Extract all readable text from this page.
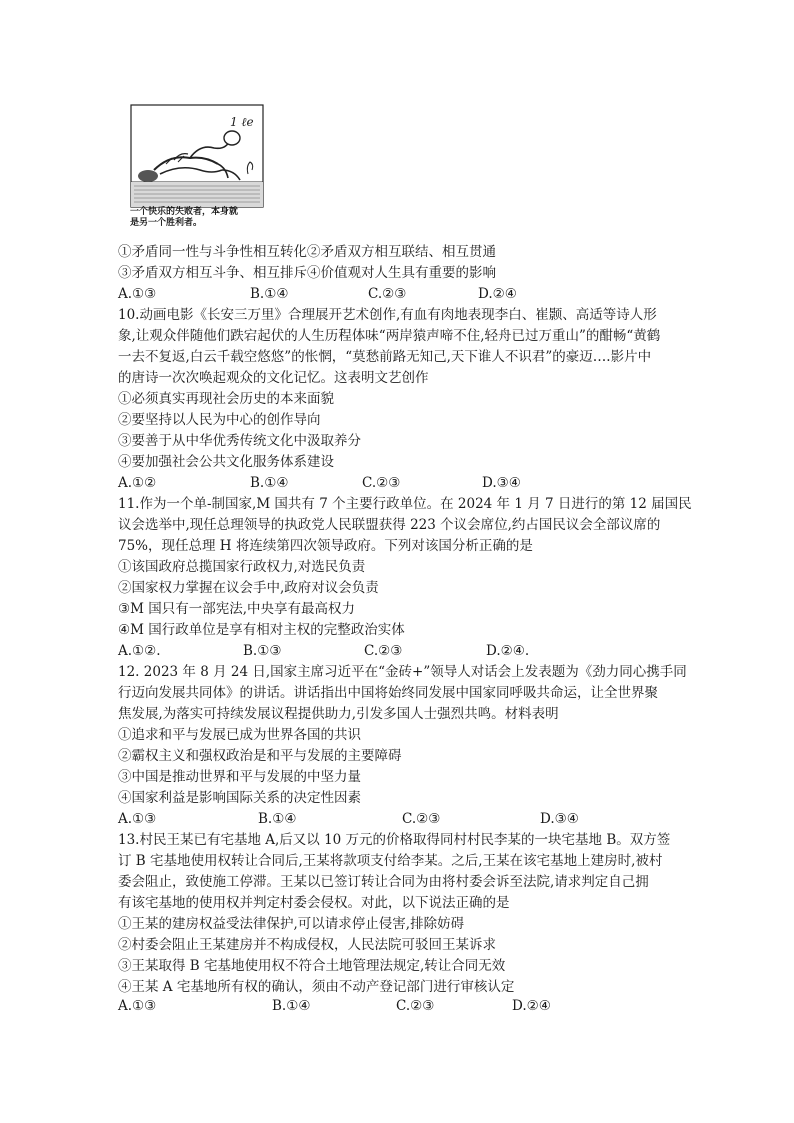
1 ℓe
一个快乐的失败者，本身就
是另一个胜利者。
①矛盾同一性与斗争性相互转化②矛盾双方相互联结、相互贯通
③矛盾双方相互斗争、相互排斥④价值观对人生具有重要的影响
A.①③	B.①④	C.②③	D.②④
10.动画电影《长安三万里》合理展开艺术创作,有血有肉地表现李白、崔颢、高适等诗人形
象,让观众伴随他们跌宕起伏的人生历程体味“两岸猿声啼不住,轻舟已过万重山”的酣畅“黄鹤
一去不复返,白云千载空悠悠”的怅惘，“莫愁前路无知己,天下谁人不识君”的豪迈….影片中
的唐诗一次次唤起观众的文化记忆。这表明文艺创作
①必须真实再现社会历史的本来面貌
②要坚持以人民为中心的创作导向
③要善于从中华优秀传统文化中汲取养分
④要加强社会公共文化服务体系建设
A.①②	B.①④	C.②③	D.③④
11.作为一个单-制国家,M 国共有 7 个主要行政单位。在 2024 年 1 月 7 日进行的第 12 届国民
议会选举中,现任总理领导的执政党人民联盟获得 223 个议会席位,约占国民议会全部议席的
75%，现任总理 H 将连续第四次领导政府。下列对该国分析正确的是
①该国政府总揽国家行政权力,对选民负责
②国家权力掌握在议会手中,政府对议会负责
③M 国只有一部宪法,中央享有最高权力
④M 国行政单位是享有相对主权的完整政治实体
A.①②.	B.①③	C.②③	D.②④.
12. 2023 年 8 月 24 日,国家主席习近平在“金砖+”领导人对话会上发表题为《劲力同心携手同
行迈向发展共同体》的讲话。讲话指出中国将始终同发展中国家同呼吸共命运，让全世界聚
焦发展,为落实可持续发展议程提供助力,引发多国人士强烈共鸣。材料表明
①追求和平与发展已成为世界各国的共识
②霸权主义和强权政治是和平与发展的主要障碍
③中国是推动世界和平与发展的中坚力量
④国家利益是影响国际关系的决定性因素
A.①③	B.①④	C.②③	D.③④
13.村民王某已有宅基地 A,后又以 10 万元的价格取得同村村民李某的一块宅基地 B。双方签
订 B 宅基地使用权转让合同后,王某将款项支付给李某。之后,王某在该宅基地上建房时,被村
委会阻止，致使施工停滞。王某以已签订转让合同为由将村委会诉至法院,请求判定自己拥
有该宅基地的使用权并判定村委会侵权。对此，以下说法正确的是
①王某的建房权益受法律保护,可以请求停止侵害,排除妨碍
②村委会阻止王某建房并不构成侵权，人民法院可驳回王某诉求
③王某取得 B 宅基地使用权不符合土地管理法规定,转让合同无效
④王某 A 宅基地所有权的确认，须由不动产登记部门进行审核认定
A.①③	B.①④	C.②③	D.②④
